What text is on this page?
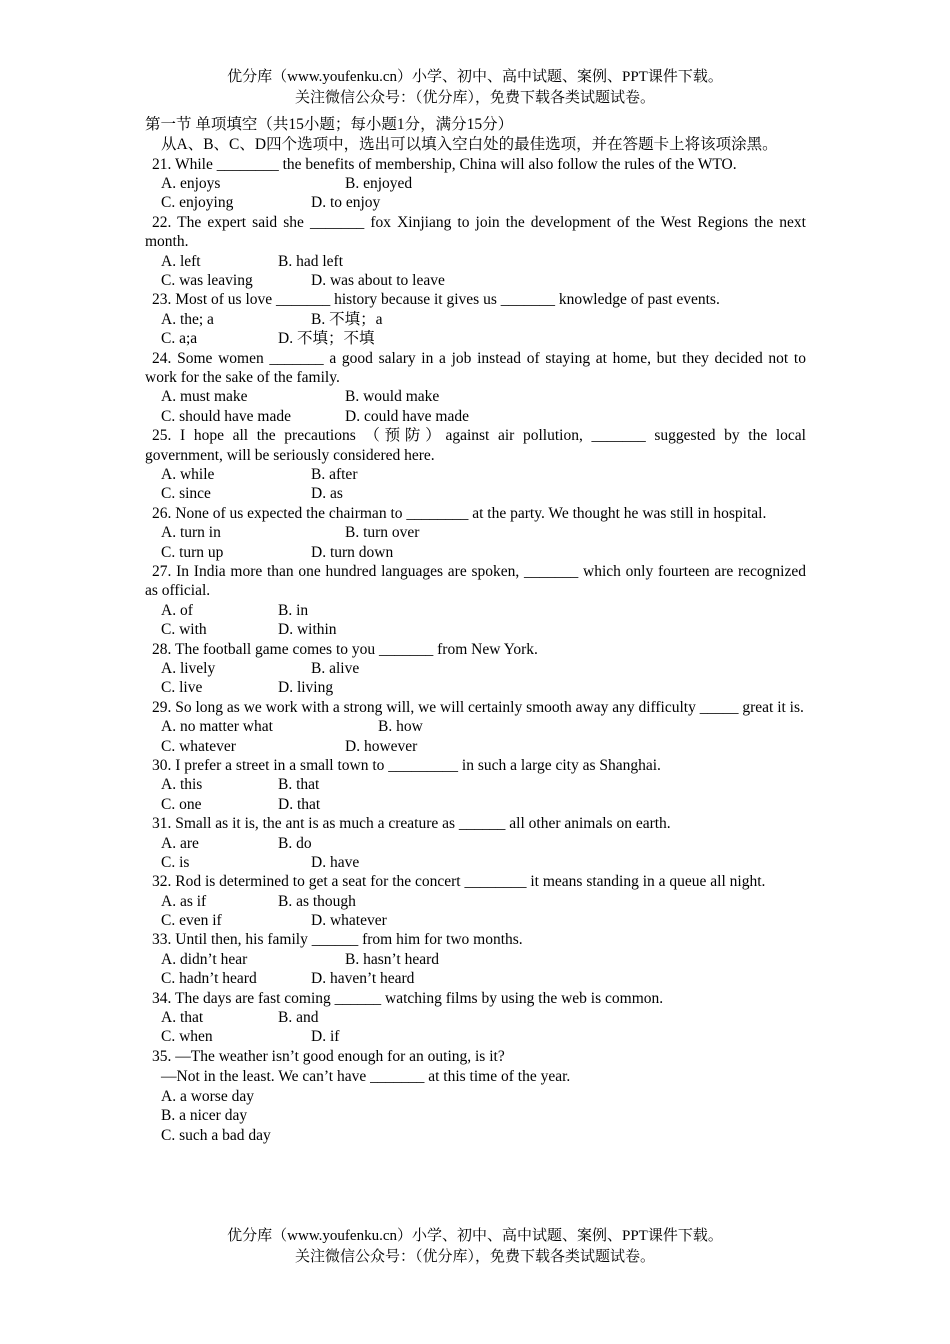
优分库（www.youfenku.cn）小学、初中、高中试题、案例、PPT课件下载。
关注微信公众号：（优分库），免费下载各类试题试卷。
第一节 单项填空（共15小题；每小题1分，满分15分）
从A、B、C、D四个选项中，选出可以填入空白处的最佳选项，并在答题卡上将该项涂黑。
21. While ________ the benefits of membership, China will also follow the rules of the WTO.
A. enjoys	B. enjoyed
C. enjoying	D. to enjoy
22. The expert said she _______ fox Xinjiang to join the development of the West Regions the next month.
A. left	B. had left
C. was leaving	D. was about to leave
23. Most of us love _______ history because it gives us _______ knowledge of past events.
A. the; a	B. 不填；a
C. a;a	D. 不填；不填
24. Some women _______ a good salary in a job instead of staying at home, but they decided not to work for the sake of the family.
A. must make	B. would make
C. should have made	D. could have made
25. I hope all the precautions （预防）against air pollution, _______ suggested by the local government, will be seriously considered here.
A. while	B. after
C. since	D. as
26. None of us expected the chairman to ________ at the party. We thought he was still in hospital.
A. turn in	B. turn over
C. turn up	D. turn down
27. In India more than one hundred languages are spoken, _______ which only fourteen are recognized as official.
A. of	B. in
C. with	D. within
28. The football game comes to you _______ from New York.
A. lively	B. alive
C. live	D. living
29. So long as we work with a strong will, we will certainly smooth away any difficulty _____ great it is.
A. no matter what	B. how
C. whatever	D. however
30. I prefer a street in a small town to _________ in such a large city as Shanghai.
A. this	B. that
C. one	D. that
31. Small as it is, the ant is as much a creature as ______ all other animals on earth.
A. are	B. do
C. is	D. have
32. Rod is determined to get a seat for the concert ________ it means standing in a queue all night.
A. as if	B. as though
C. even if	D. whatever
33. Until then, his family ______ from him for two months.
A. didn’t hear	B. hasn’t heard
C. hadn’t heard	D. haven’t heard
34. The days are fast coming ______ watching films by using the web is common.
A. that	B. and
C. when	D. if
35. —The weather isn’t good enough for an outing, is it?
—Not in the least. We can’t have _______ at this time of the year.
A. a worse day
B. a nicer day
C. such a bad day
优分库（www.youfenku.cn）小学、初中、高中试题、案例、PPT课件下载。
关注微信公众号：（优分库），免费下载各类试题试卷。
